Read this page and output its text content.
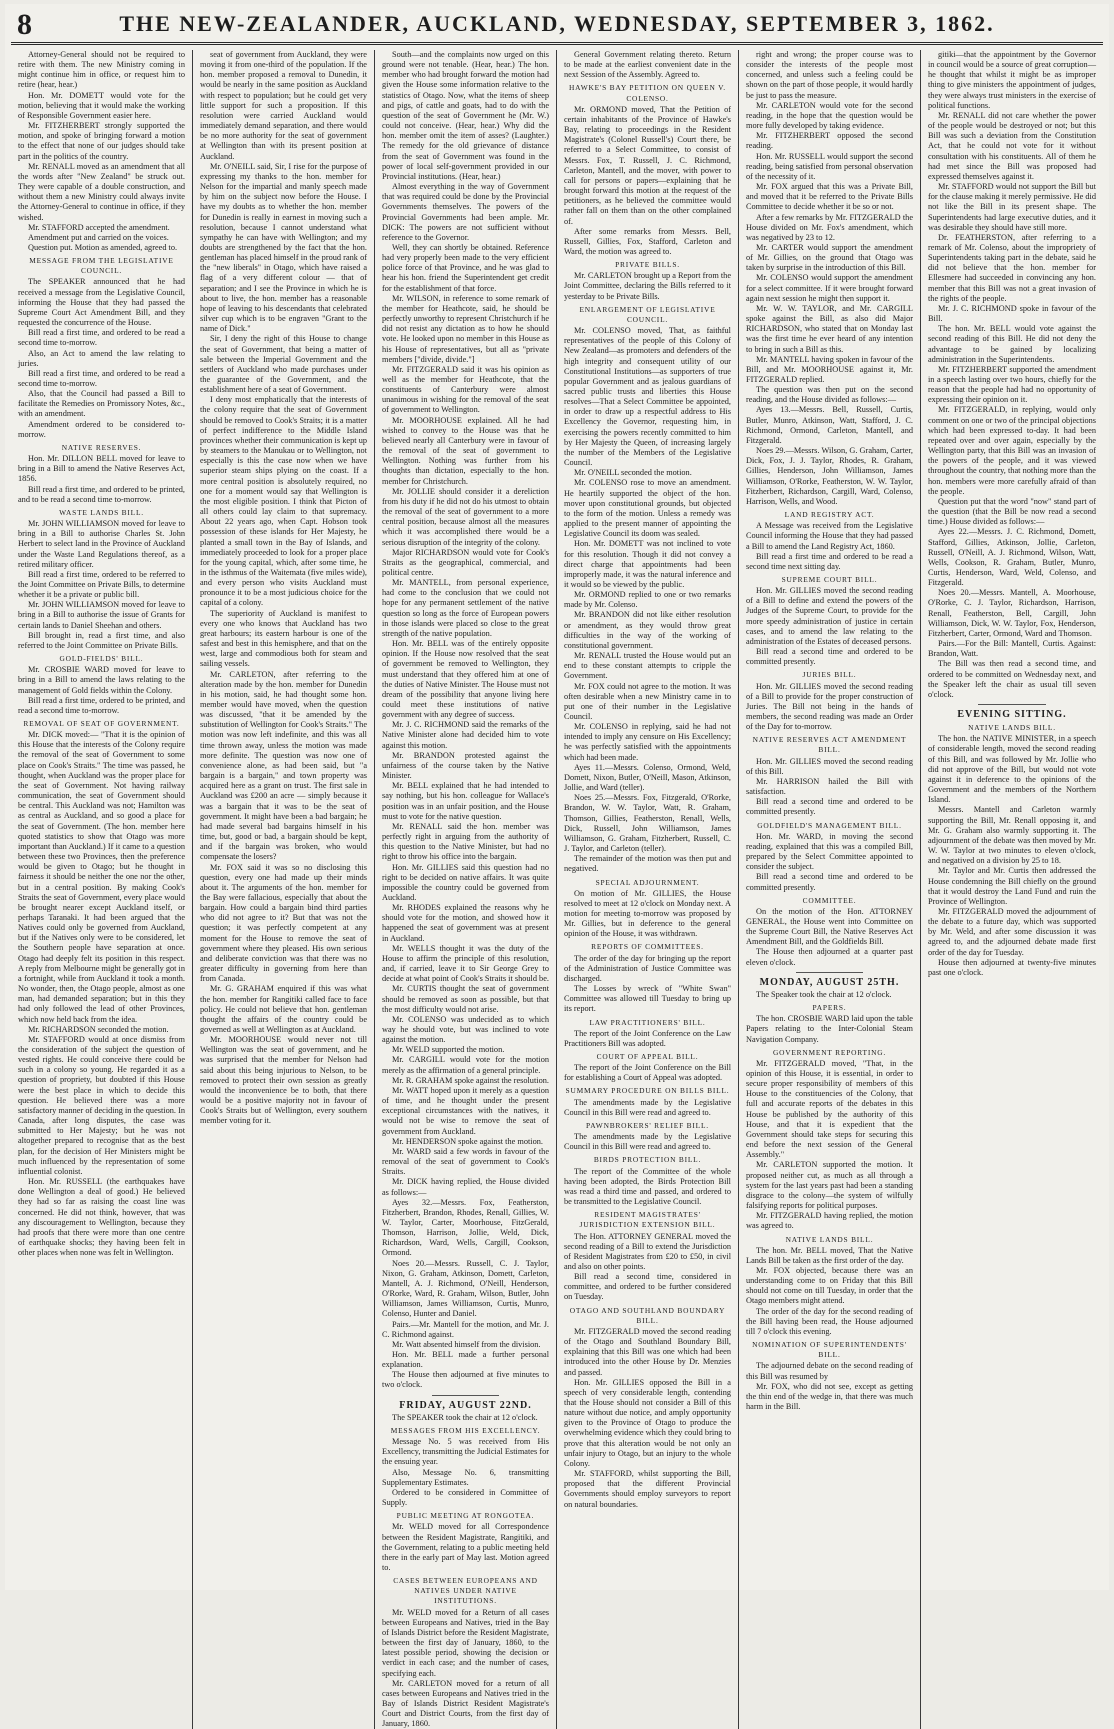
8	THE NEW-ZEALANDER, AUCKLAND, WEDNESDAY, SEPTEMBER 3, 1862.

Attorney-General should not be required to retire with them. The new Ministry coming in might continue him in office, or request him to retire (hear, hear.)

Hon. Mr. DOMETT would vote for the motion, believing that it would make the working of Responsible Government easier here.

Mr. FITZHERBERT strongly supported the motion, and spoke of bringing forward a motion to the effect that none of our judges should take part in the politics of the country.

Mr. RENALL moved as an amendment that all the words after "New Zealand" be struck out. They were capable of a double construction, and without them a new Ministry could always invite the Attorney-General to continue in office, if they wished.

Mr. STAFFORD accepted the amendment.

Amendment put and carried on the voices.

Question put. Motion as amended, agreed to.

MESSAGE FROM THE LEGISLATIVE COUNCIL.

The SPEAKER announced that he had received a message from the Legislative Council, informing the House that they had passed the Supreme Court Act Amendment Bill, and they requested the concurrence of the House.

Bill read a first time, and ordered to be read a second time to-morrow.

Also, an Act to amend the law relating to juries.

Bill read a first time, and ordered to be read a second time to-morrow.

Also, that the Council had passed a Bill to facilitate the Remedies on Promissory Notes, &c., with an amendment.

Amendment ordered to be considered to-morrow.

NATIVE RESERVES.

Hon. Mr. DILLON BELL moved for leave to bring in a Bill to amend the Native Reserves Act, 1856.

Bill read a first time, and ordered to be printed, and to be read a second time to-morrow.

WASTE LANDS BILL.

Mr. JOHN WILLIAMSON moved for leave to bring in a Bill to authorise Charles St. John Herbert to select land in the Province of Auckland under the Waste Land Regulations thereof, as a retired military officer.

Bill read a first time, ordered to be referred to the Joint Committee on Private Bills, to determine whether it be a private or public bill.

Mr. JOHN WILLIAMSON moved for leave to bring in a Bill to authorise the issue of Grants for certain lands to Daniel Sheehan and others.

Bill brought in, read a first time, and also referred to the Joint Committee on Private Bills.

GOLD-FIELDS' BILL.

Mr. CROSBIE WARD moved for leave to bring in a Bill to amend the laws relating to the management of Gold fields within the Colony.

Bill read a first time, ordered to be printed, and read a second time to-morrow.

REMOVAL OF SEAT OF GOVERNMENT.

Mr. DICK moved:— "That it is the opinion of this House that the interests of the Colony require the removal of the seat of Government to some place on Cook's Straits." The time was passed, he thought, when Auckland was the proper place for the seat of Government. Not having railway communication, the seat of Government should be central. This Auckland was not; Hamilton was as central as Auckland, and so good a place for the seat of Government. (The hon. member here quoted statistics to show that Otago was more important than Auckland.) If it came to a question between these two Provinces, then the preference would be given to Otago; but he thought in fairness it should be neither the one nor the other, but in a central position. By making Cook's Straits the seat of Government, every place would be brought nearer except Auckland itself, or perhaps Taranaki. It had been argued that the Natives could only be governed from Auckland, but if the Natives only were to be considered, let the Southern people have separation at once. Otago had deeply felt its position in this respect. A reply from Melbourne might be generally got in a fortnight, while from Auckland it took a month. No wonder, then, the Otago people, almost as one man, had demanded separation; but in this they had only followed the lead of other Provinces, which now held back from the idea.

Mr. RICHARDSON seconded the motion.

Mr. STAFFORD would at once dismiss from the consideration of the subject the question of vested rights. He could conceive there could be such in a colony so young. He regarded it as a question of propriety, but doubted if this House were the best place in which to decide this question. He believed there was a more satisfactory manner of deciding in the question. In Canada, after long disputes, the case was submitted to Her Majesty; but he was not altogether prepared to recognise that as the best plan, for the decision of Her Ministers might be much influenced by the representation of some influential colonist.

Hon. Mr. RUSSELL (the earthquakes have done Wellington a deal of good.) He believed they had so far as raising the coast line was concerned. He did not think, however, that was any discouragement to Wellington, because they had proofs that there were more than one centre of earthquake shocks; they having been felt in other places when none was felt in Wellington.

seat of government from Auckland, they were moving it from one-third of the population. If the hon. member proposed a removal to Dunedin, it would be nearly in the same position as Auckland with respect to population; but he could get very little support for such a proposition. If this resolution were carried Auckland would immediately demand separation, and there would be no more authority for the seat of government at Wellington than with its present position at Auckland.

Mr. O'NEILL said, Sir, I rise for the purpose of expressing my thanks to the hon. member for Nelson for the impartial and manly speech made by him on the subject now before the House. I have my doubts as to whether the hon. member for Dunedin is really in earnest in moving such a resolution, because I cannot understand what sympathy he can have with Wellington; and my doubts are strengthened by the fact that the hon. gentleman has placed himself in the proud rank of the "new liberals" in Otago, which have raised a flag of a very different colour — that of separation; and I see the Province in which he is about to live, the hon. member has a reasonable hope of leaving to his descendants that celebrated silver cup which is to be engraven "Grant to the name of Dick."

Sir, I deny the right of this House to change the seat of Government, that being a matter of sale between the Imperial Government and the settlers of Auckland who made purchases under the guarantee of the Government, and the establishment here of a seat of Government.

I deny most emphatically that the interests of the colony require that the seat of Government should be removed to Cook's Straits; it is a matter of perfect indifference to the Middle Island provinces whether their communication is kept up by steamers to the Manukau or to Wellington, not especially is this the case now when we have superior steam ships plying on the coast. If a more central position is absolutely required, no one for a moment would say that Wellington is the most eligible position. I think that Picton of all others could lay claim to that supremacy. About 22 years ago, when Capt. Hobson took possession of these islands for Her Majesty, he planted a small town in the Bay of Islands, and immediately proceeded to look for a proper place for the young capital, which, after some time, he in the isthmus of the Waitemata (five miles wide), and every person who visits Auckland must pronounce it to be a most judicious choice for the capital of a colony.

The superiority of Auckland is manifest to every one who knows that Auckland has two great harbours; its eastern harbour is one of the safest and best in this hemisphere, and that on the west, large and commodious both for steam and sailing vessels.

Mr. CARLETON, after referring to the alteration made by the hon. member for Dunedin in his motion, said, he had thought some hon. member would have moved, when the question was discussed, "that it be amended by the substitution of Wellington for Cook's Straits." The motion was now left indefinite, and this was all time thrown away, unless the motion was made more definite. The question was now one of convenience alone, as had been said, but "a bargain is a bargain," and town property was acquired here as a grant on trust. The first sale in Auckland was £200 an acre — simply because it was a bargain that it was to be the seat of government. It might have been a bad bargain; he had made several bad bargains himself in his time, but, good or bad, a bargain should be kept, and if the bargain was broken, who would compensate the losers?

Mr. FOX said it was so no disclosing this question, every one had made up their minds about it. The arguments of the hon. member for the Bay were fallacious, especially that about the bargain. How could a bargain bind third parties who did not agree to it? But that was not the question; it was perfectly competent at any moment for the House to remove the seat of government where they pleased. His own serious and deliberate conviction was that there was no greater difficulty in governing from here than from Canada.

Mr. G. GRAHAM enquired if this was what the hon. member for Rangitiki called face to face policy. He could not believe that hon. gentleman thought the affairs of the country could be governed as well at Wellington as at Auckland.

Mr. MOORHOUSE would never not till Wellington was the seat of government, and he was surprised that the member for Nelson had said about this being injurious to Nelson, to be removed to protect their own session as greatly would the inconvenience be to both, that there would be a positive majority not in favour of Cook's Straits but of Wellington, every southern member voting for it.

South—and the complaints now urged on this ground were not tenable. (Hear, hear.) The hon. member who had brought forward the motion had given the House some information relative to the statistics of Otago. Now, what the items of sheep and pigs, of cattle and goats, had to do with the question of the seat of Government he (Mr. W.) could not conceive. (Hear, hear.) Why did the hon. member omit the item of asses? (Laughter.) The remedy for the old grievance of distance from the seat of Government was found in the power of local self-government provided in our Provincial institutions. (Hear, hear.)

Almost everything in the way of Government that was required could be done by the Provincial Governments themselves. The powers of the Provincial Governments had been ample. Mr. DICK: The powers are not sufficient without reference to the Governor.

Well, they can shortly be obtained. Reference had very properly been made to the very efficient police force of that Province, and he was glad to hear his hon. friend the Superintendent get credit for the establishment of that force.

Mr. WILSON, in reference to some remark of the member for Heathcote, said, he should be perfectly unworthy to represent Christchurch if he did not resist any dictation as to how he should vote. He looked upon no member in this House as his House of representatives, but all as "private members ["divide, divide."]

Mr. FITZGERALD said it was his opinion as well as the member for Heathcote, that the constituents of Canterbury were almost unanimous in wishing for the removal of the seat of government to Wellington.

Mr. MOORHOUSE explained. All he had wished to convey to the House was that he believed nearly all Canterbury were in favour of the removal of the seat of government to Wellington. Nothing was further from his thoughts than dictation, especially to the hon. member for Christchurch.

Mr. JOLLIE should consider it a dereliction from his duty if he did not do his utmost to obtain the removal of the seat of government to a more central position, because almost all the measures which it was accomplished there would be a serious disruption of the integrity of the colony.

Major RICHARDSON would vote for Cook's Straits as the geographical, commercial, and political centre.

Mr. MANTELL, from personal experience, had come to the conclusion that we could not hope for any permanent settlement of the native question so long as the force of European powers in those islands were placed so close to the great strength of the native population.

Hon. Mr. BELL was of the entirely opposite opinion. If the House now resolved that the seat of government be removed to Wellington, they must understand that they offered him at one of the duties of Native Minister. The House must not dream of the possibility that anyone living here could meet these institutions of native government with any degree of success.

Mr. J. C. RICHMOND said the remarks of the Native Minister alone had decided him to vote against this motion.

Mr. BRANDON protested against the unfairness of the course taken by the Native Minister.

Mr. BELL explained that he had intended to say nothing, but his hon. colleague for Wallace's position was in an unfair position, and the House must to vote for the native question.

Mr. RENALL said the hon. member was perfectly right in arguing from the authority of this question to the Native Minister, but had no right to throw his office into the bargain.

Hon. Mr. GILLIES said this question had no right to be decided on native affairs. It was quite impossible the country could be governed from Auckland.

Mr. RHODES explained the reasons why he should vote for the motion, and showed how it happened the seat of government was at present in Auckland.

Mr. WELLS thought it was the duty of the House to affirm the principle of this resolution, and, if carried, leave it to Sir George Grey to decide at what point of Cook's Straits it should be.

Mr. CURTIS thought the seat of government should be removed as soon as possible, but that the most difficulty would not arise.

Mr. COLENSO was undecided as to which way he should vote, but was inclined to vote against the motion.

Mr. WELD supported the motion.

Mr. CARGILL would vote for the motion merely as the affirmation of a general principle.

Mr. R. GRAHAM spoke against the resolution.

Mr. WATT hoped upon it merely as a question of time, and he thought under the present exceptional circumstances with the natives, it would not be wise to remove the seat of government from Auckland.

Mr. HENDERSON spoke against the motion.

Mr. WARD said a few words in favour of the removal of the seat of government to Cook's Straits.

Mr. DICK having replied, the House divided as follows:—

Ayes 32.—Messrs. Fox, Featherston, Fitzherbert, Brandon, Rhodes, Renall, Gillies, W. W. Taylor, Carter, Moorhouse, FitzGerald, Thomson, Harrison, Jollie, Weld, Dick, Richardson, Ward, Wells, Cargill, Cookson, Ormond.

Noes 20.—Messrs. Russell, C. J. Taylor, Nixon, G. Graham, Atkinson, Domett, Carleton, Mantell, A. J. Richmond, O'Neill, Henderson, O'Rorke, Ward, R. Graham, Wilson, Butler, John Williamson, James Williamson, Curtis, Munro, Colenso, Hunter and Daniel.

Pairs.—Mr. Mantell for the motion, and Mr. J. C. Richmond against.

Mr. Watt absented himself from the division.

Hon. Mr. BELL made a further personal explanation.

The House then adjourned at five minutes to two o'clock.

FRIDAY, AUGUST 22ND.

The SPEAKER took the chair at 12 o'clock.

MESSAGES FROM HIS EXCELLENCY.

Message No. 5 was received from His Excellency, transmitting the Judicial Estimates for the ensuing year.

Also, Message No. 6, transmitting Supplementary Estimates.

Ordered to be considered in Committee of Supply.

PUBLIC MEETING AT RONGOTEA.

Mr. WELD moved for all Correspondence between the Resident Magistrate, Rangitiki, and the Government, relating to a public meeting held there in the early part of May last. Motion agreed to.

CASES BETWEEN EUROPEANS AND NATIVES UNDER NATIVE INSTITUTIONS.

Mr. WELD moved for a Return of all cases between Europeans and Natives, tried in the Bay of Islands District before the Resident Magistrate, between the first day of January, 1860, to the latest possible period, showing the decision or verdict in each case; and the number of cases, specifying each.

Mr. CARLETON moved for a return of all cases between Europeans and Natives tried in the Bay of Islands District Resident Magistrate's Court and District Courts, from the first day of January, 1860.

General Government relating thereto. Return to be made at the earliest convenient date in the next Session of the Assembly. Agreed to.

HAWKE'S BAY PETITION ON QUEEN V. COLENSO.

Mr. ORMOND moved, That the Petition of certain inhabitants of the Province of Hawke's Bay, relating to proceedings in the Resident Magistrate's (Colonel Russell's) Court there, be referred to a Select Committee, to consist of Messrs. Fox, T. Russell, J. C. Richmond, Carleton, Mantell, and the mover, with power to call for persons or papers—explaining that he brought forward this motion at the request of the petitioners, as he believed the committee would rather fall on them than on the other complained of.

After some remarks from Messrs. Bell, Russell, Gillies, Fox, Stafford, Carleton and Ward, the motion was agreed to.

PRIVATE BILLS.

Mr. CARLETON brought up a Report from the Joint Committee, declaring the Bills referred to it yesterday to be Private Bills.

ENLARGEMENT OF LEGISLATIVE COUNCIL.

Mr. COLENSO moved, That, as faithful representatives of the people of this Colony of New Zealand—as promoters and defenders of the high integrity and consequent utility of our Constitutional Institutions—as supporters of true popular Government and as jealous guardians of sacred public trusts and liberties this House resolves—That a Select Committee be appointed, in order to draw up a respectful address to His Excellency the Governor, requesting him, in exercising the powers recently committed to him by Her Majesty the Queen, of increasing largely the number of the Members of the Legislative Council.

Mr. O'NEILL seconded the motion.

Mr. COLENSO rose to move an amendment. He heartily supported the object of the hon. mover upon constitutional grounds, but objected to the form of the motion. Unless a remedy was applied to the present manner of appointing the Legislative Council its doom was sealed.

Hon. Mr. DOMETT was not inclined to vote for this resolution. Though it did not convey a direct charge that appointments had been improperly made, it was the natural inference and it would so be viewed by the public.

Mr. ORMOND replied to one or two remarks made by Mr. Colenso.

Mr. BRANDON did not like either resolution or amendment, as they would throw great difficulties in the way of the working of constitutional government.

Mr. RENALL trusted the House would put an end to these constant attempts to cripple the Government.

Mr. FOX could not agree to the motion. It was often desirable when a new Ministry came in to put one of their number in the Legislative Council.

Mr. COLENSO in replying, said he had not intended to imply any censure on His Excellency; he was perfectly satisfied with the appointments which had been made.

Ayes 11.—Messrs. Colenso, Ormond, Weld, Domett, Nixon, Butler, O'Neill, Mason, Atkinson, Jollie, and Ward (teller).

Noes 25.—Messrs. Fox, Fitzgerald, O'Rorke, Brandon, W. W. Taylor, Watt, R. Graham, Thomson, Gillies, Featherston, Renall, Wells, Dick, Russell, John Williamson, James Williamson, G. Graham, Fitzherbert, Russell, C. J. Taylor, and Carleton (teller).

The remainder of the motion was then put and negatived.

SPECIAL ADJOURNMENT.

On motion of Mr. GILLIES, the House resolved to meet at 12 o'clock on Monday next. A motion for meeting to-morrow was proposed by Mr. Gillies, but in deference to the general opinion of the House, it was withdrawn.

REPORTS OF COMMITTEES.

The order of the day for bringing up the report of the Administration of Justice Committee was discharged.

The Losses by wreck of "White Swan" Committee was allowed till Tuesday to bring up its report.

LAW PRACTITIONERS' BILL.

The report of the Joint Conference on the Law Practitioners Bill was adopted.

COURT OF APPEAL BILL.

The report of the Joint Conference on the Bill for establishing a Court of Appeal was adopted.

SUMMARY PROCEDURE ON BILLS BILL.

The amendments made by the Legislative Council in this Bill were read and agreed to.

PAWNBROKERS' RELIEF BILL.

The amendments made by the Legislative Council in this Bill were read and agreed to.

BIRDS PROTECTION BILL.

The report of the Committee of the whole having been adopted, the Birds Protection Bill was read a third time and passed, and ordered to be transmitted to the Legislative Council.

RESIDENT MAGISTRATES' JURISDICTION EXTENSION BILL.

The Hon. ATTORNEY GENERAL moved the second reading of a Bill to extend the Jurisdiction of Resident Magistrates from £20 to £50, in civil and also on other points.

Bill read a second time, considered in committee, and ordered to be further considered on Tuesday.

OTAGO AND SOUTHLAND BOUNDARY BILL.

Mr. FITZGERALD moved the second reading of the Otago and Southland Boundary Bill, explaining that this Bill was one which had been introduced into the other House by Dr. Menzies and passed.

Hon. Mr. GILLIES opposed the Bill in a speech of very considerable length, contending that the House should not consider a Bill of this nature without due notice, and amply opportunity given to the Province of Otago to produce the overwhelming evidence which they could bring to prove that this alteration would be not only an unfair injury to Otago, but an injury to the whole Colony.

Mr. STAFFORD, whilst supporting the Bill, proposed that the different Provincial Governments should employ surveyors to report on natural boundaries.

right and wrong; the proper course was to consider the interests of the people most concerned, and unless such a feeling could be shown on the part of those people, it would hardly be just to pass the measure.

Mr. CARLETON would vote for the second reading, in the hope that the question would be more fully developed by taking evidence.

Mr. FITZHERBERT opposed the second reading.

Hon. Mr. RUSSELL would support the second reading, being satisfied from personal observation of the necessity of it.

Mr. FOX argued that this was a Private Bill, and moved that it be referred to the Private Bills Committee to decide whether it be so or not.

After a few remarks by Mr. FITZGERALD the House divided on Mr. Fox's amendment, which was negatived by 23 to 12.

Mr. CARTER would support the amendment of Mr. Gillies, on the ground that Otago was taken by surprise in the introduction of this Bill.

Mr. COLENSO would support the amendment for a select committee. If it were brought forward again next session he might then support it.

Mr. W. W. TAYLOR, and Mr. CARGILL spoke against the Bill, as also did Major RICHARDSON, who stated that on Monday last was the first time he ever heard of any intention to bring in such a Bill as this.

Mr. MANTELL having spoken in favour of the Bill, and Mr. MOORHOUSE against it, Mr. FITZGERALD replied.

The question was then put on the second reading, and the House divided as follows:—

Ayes 13.—Messrs. Bell, Russell, Curtis, Butler, Munro, Atkinson, Watt, Stafford, J. C. Richmond, Ormond, Carleton, Mantell, and Fitzgerald.

Noes 29.—Messrs. Wilson, G. Graham, Carter, Dick, Fox, J. J. Taylor, Rhodes, R. Graham, Gillies, Henderson, John Williamson, James Williamson, O'Rorke, Featherston, W. W. Taylor, Fitzherbert, Richardson, Cargill, Ward, Colenso, Harrison, Wells, and Wood.

LAND REGISTRY ACT.

A Message was received from the Legislative Council informing the House that they had passed a Bill to amend the Land Registry Act, 1860.

Bill read a first time and ordered to be read a second time next sitting day.

SUPREME COURT BILL.

Hon. Mr. GILLIES moved the second reading of a Bill to define and extend the powers of the Judges of the Supreme Court, to provide for the more speedy administration of justice in certain cases, and to amend the law relating to the administration of the Estates of deceased persons.

Bill read a second time and ordered to be committed presently.

JURIES BILL.

Hon. Mr. GILLIES moved the second reading of a Bill to provide for the proper construction of Juries. The Bill not being in the hands of members, the second reading was made an Order of the Day for to-morrow.

NATIVE RESERVES ACT AMENDMENT BILL.

Hon. Mr. GILLIES moved the second reading of this Bill.

Mr. HARRISON hailed the Bill with satisfaction.

Bill read a second time and ordered to be committed presently.

GOLDFIELD'S MANAGEMENT BILL.

Hon. Mr. WARD, in moving the second reading, explained that this was a compiled Bill, prepared by the Select Committee appointed to consider the subject.

Bill read a second time and ordered to be committed presently.

COMMITTEE.

On the motion of the Hon. ATTORNEY GENERAL, the House went into Committee on the Supreme Court Bill, the Native Reserves Act Amendment Bill, and the Goldfields Bill.

The House then adjourned at a quarter past eleven o'clock.

MONDAY, AUGUST 25TH.

The Speaker took the chair at 12 o'clock.

PAPERS.

The hon. CROSBIE WARD laid upon the table Papers relating to the Inter-Colonial Steam Navigation Company.

GOVERNMENT REPORTING.

Mr. FITZGERALD moved, "That, in the opinion of this House, it is essential, in order to secure proper responsibility of members of this House to the constituencies of the Colony, that full and accurate reports of the debates in this House be published by the authority of this House, and that it is expedient that the Government should take steps for securing this end before the next session of the General Assembly."

Mr. CARLETON supported the motion. It proposed neither cut, as much as all through a system for the last years past had been a standing disgrace to the colony—the system of wilfully falsifying reports for political purposes.

Mr. FITZGERALD having replied, the motion was agreed to.

NATIVE LANDS BILL.

The hon. Mr. BELL moved, That the Native Lands Bill be taken as the first order of the day.

Mr. FOX objected, because there was an understanding come to on Friday that this Bill should not come on till Tuesday, in order that the Otago members might attend.

The order of the day for the second reading of the Bill having been read, the House adjourned till 7 o'clock this evening.

NOMINATION OF SUPERINTENDENTS' BILL.

The adjourned debate on the second reading of this Bill was resumed by

Mr. FOX, who did not see, except as getting the thin end of the wedge in, that there was much harm in the Bill.

gitiki—that the appointment by the Governor in council would be a source of great corruption—he thought that whilst it might be as improper thing to give ministers the appointment of judges, they were always trust ministers in the exercise of political functions.

Mr. RENALL did not care whether the power of the people would be destroyed or not; but this Bill was such a deviation from the Constitution Act, that he could not vote for it without consultation with his constituents. All of them he had met since the Bill was proposed had expressed themselves against it.

Mr. STAFFORD would not support the Bill but for the clause making it merely permissive. He did not like the Bill in its present shape. The Superintendents had large executive duties, and it was desirable they should have still more.

Dr. FEATHERSTON, after referring to a remark of Mr. Colenso, about the impropriety of Superintendents taking part in the debate, said he did not believe that the hon. member for Ellesmere had succeeded in convincing any hon. member that this Bill was not a great invasion of the rights of the people.

Mr. J. C. RICHMOND spoke in favour of the Bill.

The hon. Mr. BELL would vote against the second reading of this Bill. He did not deny the advantage to be gained by localizing administration in the Superintendents.

Mr. FITZHERBERT supported the amendment in a speech lasting over two hours, chiefly for the reason that the people had had no opportunity of expressing their opinion on it.

Mr. FITZGERALD, in replying, would only comment on one or two of the principal objections which had been expressed to-day. It had been repeated over and over again, especially by the Wellington party, that this Bill was an invasion of the powers of the people, and it was viewed throughout the country, that nothing more than the hon. members were more carefully afraid of than the people.

Question put that the word "now" stand part of the question (that the Bill be now read a second time.) House divided as follows:—

Ayes 22.—Messrs. J. C. Richmond, Domett, Stafford, Gillies, Atkinson, Jollie, Carleton, Russell, O'Neill, A. J. Richmond, Wilson, Watt, Wells, Cookson, R. Graham, Butler, Munro, Curtis, Henderson, Ward, Weld, Colenso, and Fitzgerald.

Noes 20.—Messrs. Mantell, A. Moorhouse, O'Rorke, C. J. Taylor, Richardson, Harrison, Renall, Featherston, Bell, Cargill, John Williamson, Dick, W. W. Taylor, Fox, Henderson, Fitzherbert, Carter, Ormond, Ward and Thomson.

Pairs.—For the Bill: Mantell, Curtis. Against: Brandon, Watt.

The Bill was then read a second time, and ordered to be committed on Wednesday next, and the Speaker left the chair as usual till seven o'clock.

EVENING SITTING.
NATIVE LANDS BILL.

The hon. the NATIVE MINISTER, in a speech of considerable length, moved the second reading of this Bill, and was followed by Mr. Jollie who did not approve of the Bill, but would not vote against it in deference to the opinions of the Government and the members of the Northern Island.

Messrs. Mantell and Carleton warmly supporting the Bill, Mr. Renall opposing it, and Mr. G. Graham also warmly supporting it. The adjournment of the debate was then moved by Mr. W. W. Taylor at two minutes to eleven o'clock, and negatived on a division by 25 to 18.

Mr. Taylor and Mr. Curtis then addressed the House condemning the Bill chiefly on the ground that it would destroy the Land Fund and ruin the Province of Wellington.

Mr. FITZGERALD moved the adjournment of the debate to a future day, which was supported by Mr. Weld, and after some discussion it was agreed to, and the adjourned debate made first order of the day for Tuesday.

House then adjourned at twenty-five minutes past one o'clock.
